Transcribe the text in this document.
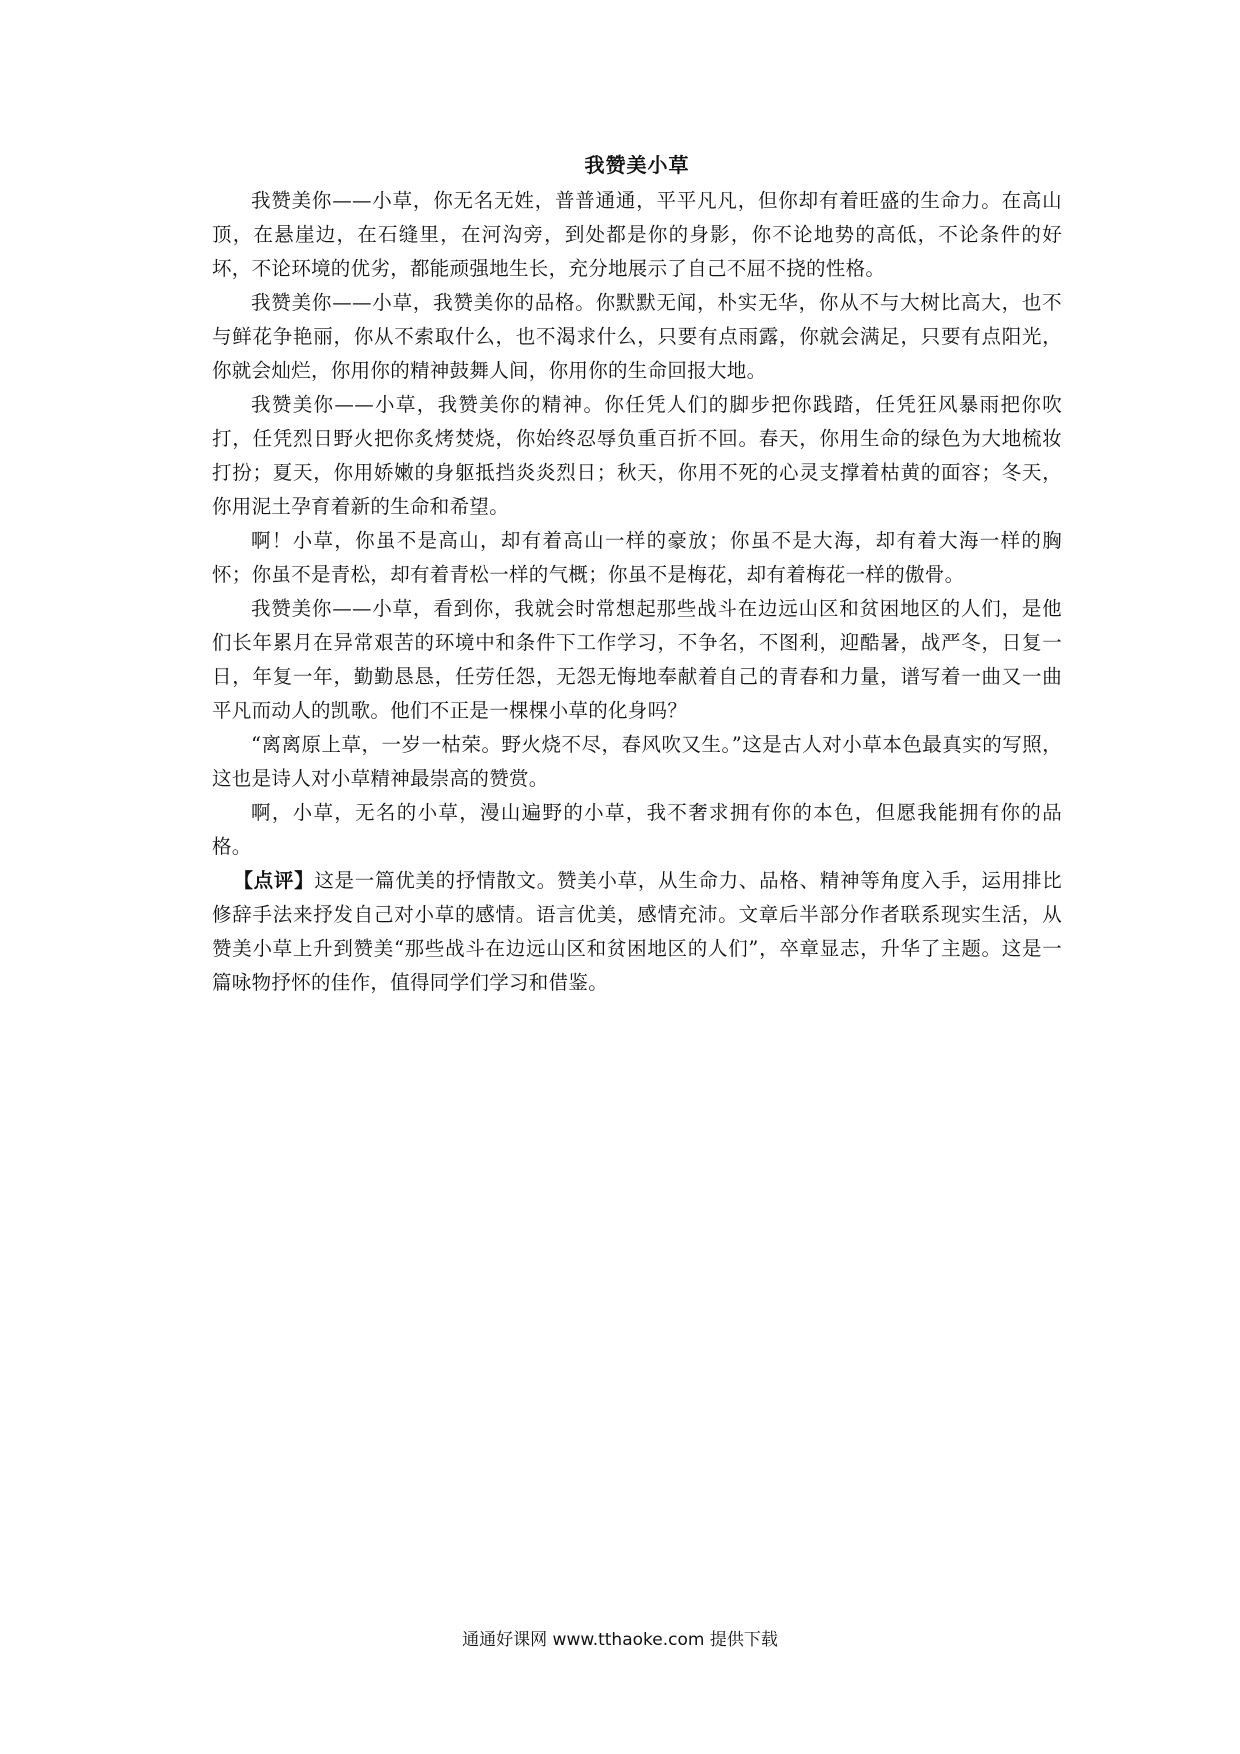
我赞美小草

我赞美你——小草，你无名无姓，普普通通，平平凡凡，但你却有着旺盛的生命力。在高山顶，在悬崖边，在石缝里，在河沟旁，到处都是你的身影，你不论地势的高低，不论条件的好坏，不论环境的优劣，都能顽强地生长，充分地展示了自己不屈不挠的性格。

我赞美你——小草，我赞美你的品格。你默默无闻，朴实无华，你从不与大树比高大，也不与鲜花争艳丽，你从不索取什么，也不渴求什么，只要有点雨露，你就会满足，只要有点阳光，你就会灿烂，你用你的精神鼓舞人间，你用你的生命回报大地。

我赞美你——小草，我赞美你的精神。你任凭人们的脚步把你践踏，任凭狂风暴雨把你吹打，任凭烈日野火把你炙烤焚烧，你始终忍辱负重百折不回。春天，你用生命的绿色为大地梳妆打扮；夏天，你用娇嫩的身躯抵挡炎炎烈日；秋天，你用不死的心灵支撑着枯黄的面容；冬天，你用泥土孕育着新的生命和希望。

啊！小草，你虽不是高山，却有着高山一样的豪放；你虽不是大海，却有着大海一样的胸怀；你虽不是青松，却有着青松一样的气概；你虽不是梅花，却有着梅花一样的傲骨。

我赞美你——小草，看到你，我就会时常想起那些战斗在边远山区和贫困地区的人们，是他们长年累月在异常艰苦的环境中和条件下工作学习，不争名，不图利，迎酷暑，战严冬，日复一日，年复一年，勤勤恳恳，任劳任怨，无怨无悔地奉献着自己的青春和力量，谱写着一曲又一曲平凡而动人的凯歌。他们不正是一棵棵小草的化身吗？

“离离原上草，一岁一枯荣。野火烧不尽，春风吹又生。”这是古人对小草本色最真实的写照，这也是诗人对小草精神最崇高的赞赏。

啊，小草，无名的小草，漫山遍野的小草，我不奢求拥有你的本色，但愿我能拥有你的品格。

【点评】这是一篇优美的抒情散文。赞美小草，从生命力、品格、精神等角度入手，运用排比修辞手法来抒发自己对小草的感情。语言优美，感情充沛。文章后半部分作者联系现实生活，从赞美小草上升到赞美“那些战斗在边远山区和贫困地区的人们”，卒章显志，升华了主题。这是一篇咏物抒怀的佳作，值得同学们学习和借鉴。

通通好课网 www.tthaoke.com 提供下载
